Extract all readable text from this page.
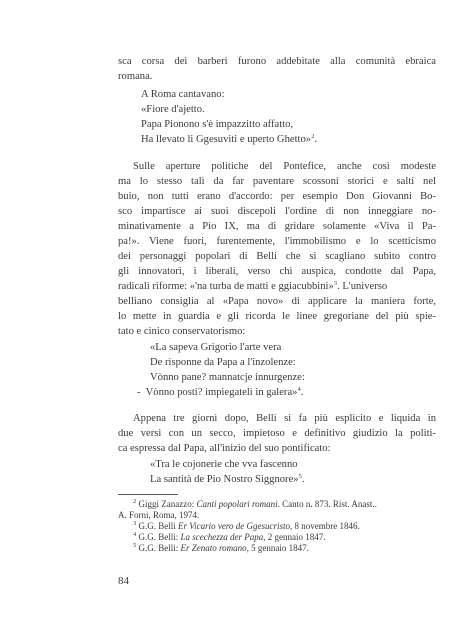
sca corsa dei barberi furono addebitate alla comunità ebraica
romana.
A Roma cantavano:
«Fiore d'ajetto.
Papa Pionono s'è impazzitto affatto,
Ha llevato li Ggesuviti e uperto Ghetto»$^2$.
Sulle aperture politiche del Pontefice, anche così modeste
ma lo stesso tali da far paventare scossoni storici e salti nel
buio, non tutti erano d'accordo: per esempio Don Giovanni Bo-
sco impartisce ai suoi discepoli l'ordine di non inneggiare no-
minativamente a Pio IX, ma di gridare solamente «Viva il Pa-
pa!». Viene fuori, furentemente, l'immobilismo e lo scetticismo
dei personaggi popolari di Belli che si scagliano subito contro
gli innovatori, i liberali, verso chi auspica, condotte dal Papa,
radicali riforme: «'na turba de matti e ggiacubbini»$^3$. L'universo
belliano consiglia al «Papa novo» di applicare la maniera forte,
lo mette in guardia e gli ricorda le linee gregoriane del più spie-
tato e cinico conservatorismo:
«La sapeva Grigorio l'arte vera
De risponne da Papa a l'inzolenze:
Vònno pane? mannatcje innurgenze:
- Vònno posti? impiegateli in galera»$^4$.
Appena tre giorni dopo, Belli si fa più esplicito e liquida in
due versi con un secco, impietoso e definitivo giudizio la politi-
ca espressa dal Papa, all'inizio del suo pontificato:
«Tra le cojonerie che vva fascenno
La santità de Pio Nostro Siggnore»$^5$.
$^2$ Giggi Zanazzo: Canti popolari romani. Canto n. 873. Rist. Anast..
A. Forni, Roma, 1974.
$^3$ G.G. Belli Er Vicario vero de Ggesucristo, 8 novembre 1846.
$^4$ G.G. Belli: La scechezza der Papa, 2 gennaio 1847.
$^5$ G.G. Belli: Er Zenato romano, 5 gennaio 1847.
84
